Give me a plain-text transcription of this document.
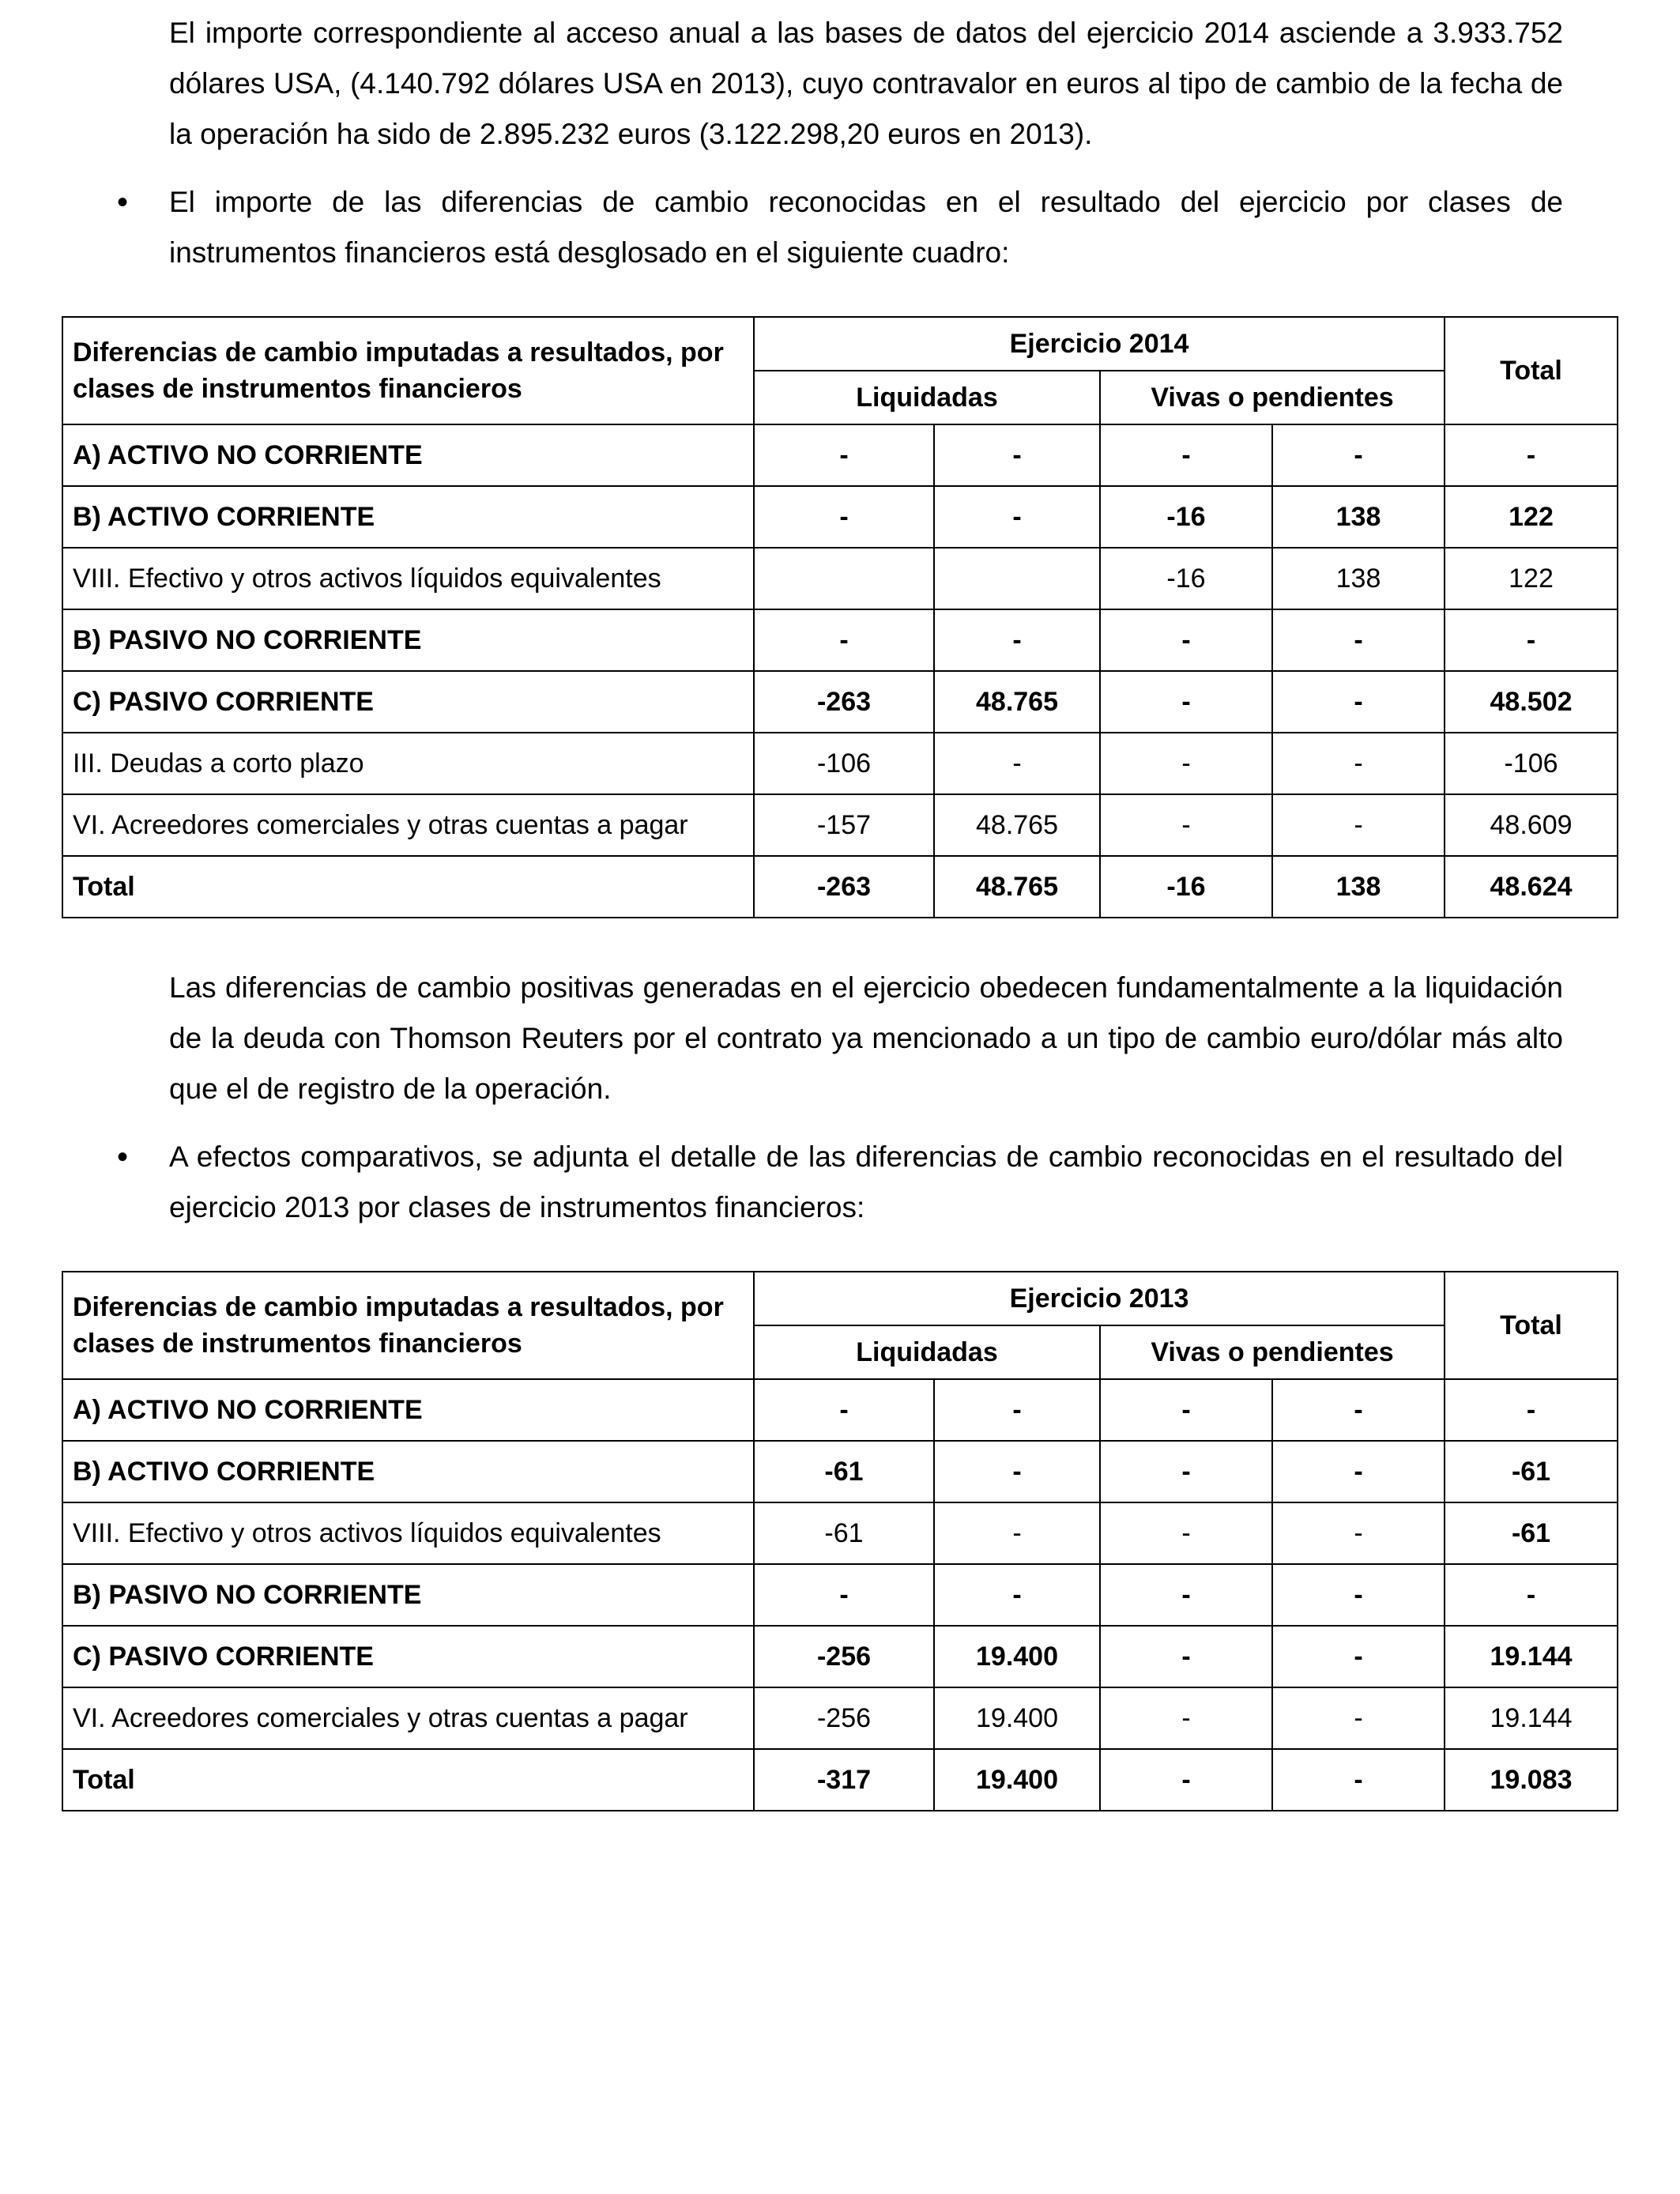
El importe correspondiente al acceso anual a las bases de datos del ejercicio 2014 asciende a 3.933.752 dólares USA, (4.140.792 dólares USA en 2013), cuyo contravalor en euros al tipo de cambio de la fecha de la operación ha sido de 2.895.232 euros (3.122.298,20 euros en 2013).

• El importe de las diferencias de cambio reconocidas en el resultado del ejercicio por clases de instrumentos financieros está desglosado en el siguiente cuadro:

Diferencias de cambio imputadas a resultados, por clases de instrumentos financieros	Ejercicio 2014				Total
	Liquidadas		Vivas o pendientes		
A) ACTIVO NO CORRIENTE	-	-	-	-	-
B) ACTIVO CORRIENTE	-	-	-16	138	122
VIII. Efectivo y otros activos líquidos equivalentes			-16	138	122
B) PASIVO NO CORRIENTE	-	-	-	-	-
C) PASIVO CORRIENTE	-263	48.765	-	-	48.502
III. Deudas a corto plazo	-106	-	-	-	-106
VI. Acreedores comerciales y otras cuentas a pagar	-157	48.765	-	-	48.609
Total	-263	48.765	-16	138	48.624

Las diferencias de cambio positivas generadas en el ejercicio obedecen fundamentalmente a la liquidación de la deuda con Thomson Reuters por el contrato ya mencionado a un tipo de cambio euro/dólar más alto que el de registro de la operación.

• A efectos comparativos, se adjunta el detalle de las diferencias de cambio reconocidas en el resultado del ejercicio 2013 por clases de instrumentos financieros:

Diferencias de cambio imputadas a resultados, por clases de instrumentos financieros	Ejercicio 2013				Total
	Liquidadas		Vivas o pendientes		
A) ACTIVO NO CORRIENTE	-	-	-	-	-
B) ACTIVO CORRIENTE	-61	-	-	-	-61
VIII. Efectivo y otros activos líquidos equivalentes	-61	-	-	-	-61
B) PASIVO NO CORRIENTE	-	-	-	-	-
C) PASIVO CORRIENTE	-256	19.400	-	-	19.144
VI. Acreedores comerciales y otras cuentas a pagar	-256	19.400	-	-	19.144
Total	-317	19.400	-	-	19.083
